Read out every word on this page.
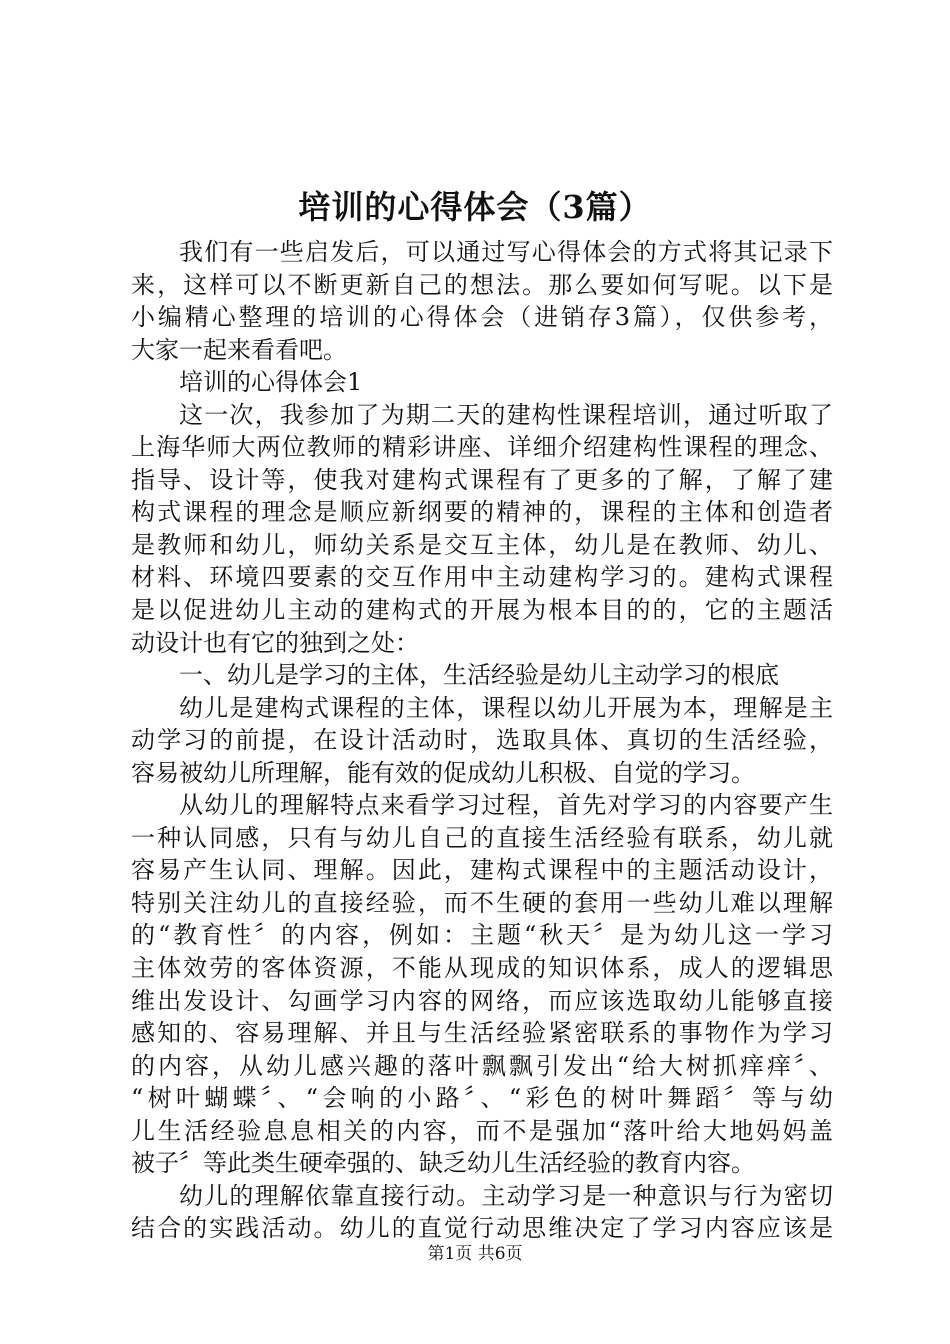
培训的心得体会（3篇）
我们有一些启发后，可以通过写心得体会的方式将其记录下
来，这样可以不断更新自己的想法。那么要如何写呢。以下是
小编精心整理的培训的心得体会（进销存3篇），仅供参考，
大家一起来看看吧。
培训的心得体会1
这一次，我参加了为期二天的建构性课程培训，通过听取了
上海华师大两位教师的精彩讲座、详细介绍建构性课程的理念、
指导、设计等，使我对建构式课程有了更多的了解，了解了建
构式课程的理念是顺应新纲要的精神的，课程的主体和创造者
是教师和幼儿，师幼关系是交互主体，幼儿是在教师、幼儿、
材料、环境四要素的交互作用中主动建构学习的。建构式课程
是以促进幼儿主动的建构式的开展为根本目的的，它的主题活
动设计也有它的独到之处：
一、幼儿是学习的主体，生活经验是幼儿主动学习的根底
幼儿是建构式课程的主体，课程以幼儿开展为本，理解是主
动学习的前提，在设计活动时，选取具体、真切的生活经验，
容易被幼儿所理解，能有效的促成幼儿积极、自觉的学习。
从幼儿的理解特点来看学习过程，首先对学习的内容要产生
一种认同感，只有与幼儿自己的直接生活经验有联系，幼儿就
容易产生认同、理解。因此，建构式课程中的主题活动设计，
特别关注幼儿的直接经验，而不生硬的套用一些幼儿难以理解
的“教育性〞的内容，例如：主题“秋天〞是为幼儿这一学习
主体效劳的客体资源，不能从现成的知识体系，成人的逻辑思
维出发设计、勾画学习内容的网络，而应该选取幼儿能够直接
感知的、容易理解、并且与生活经验紧密联系的事物作为学习
的内容，从幼儿感兴趣的落叶飘飘引发出“给大树抓痒痒〞、
“树叶蝴蝶〞、“会响的小路〞、“彩色的树叶舞蹈〞等与幼
儿生活经验息息相关的内容，而不是强加“落叶给大地妈妈盖
被子〞等此类生硬牵强的、缺乏幼儿生活经验的教育内容。
幼儿的理解依靠直接行动。主动学习是一种意识与行为密切
结合的实践活动。幼儿的直觉行动思维决定了学习内容应该是
第1页 共6页
